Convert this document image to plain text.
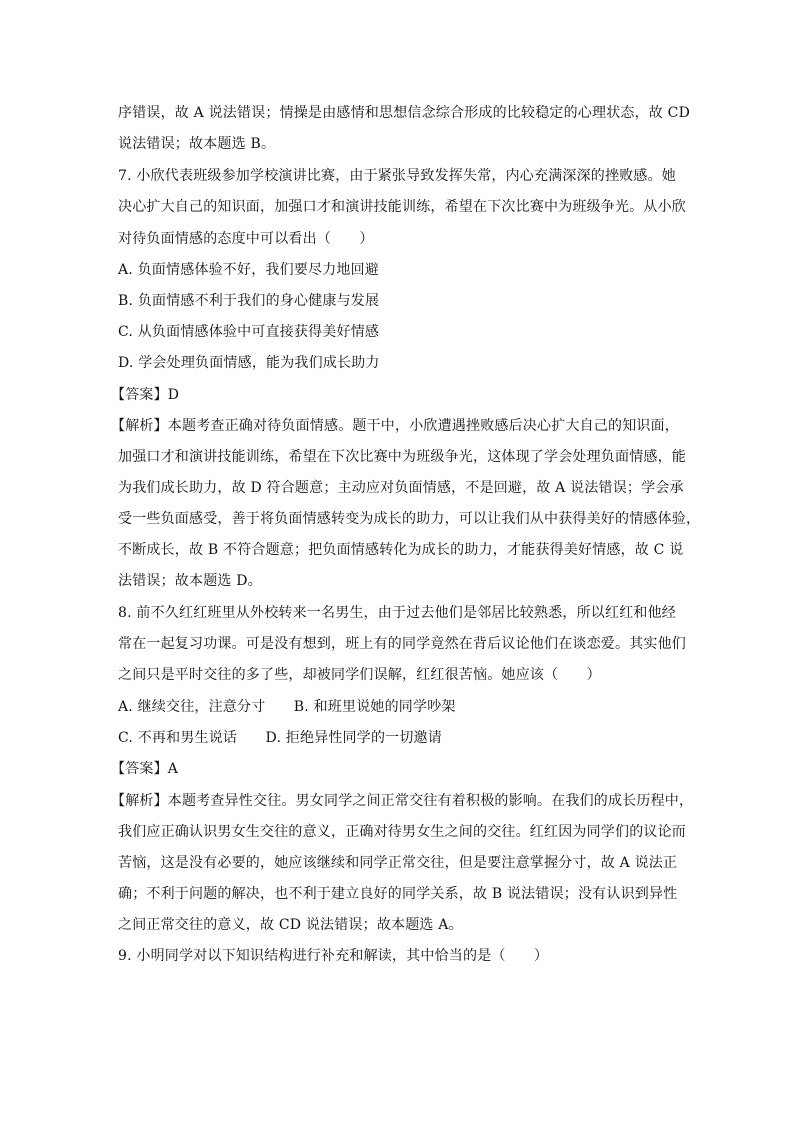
序错误，故 A 说法错误；情操是由感情和思想信念综合形成的比较稳定的心理状态，故 CD
说法错误；故本题选 B。
7. 小欣代表班级参加学校演讲比赛，由于紧张导致发挥失常，内心充满深深的挫败感。她
决心扩大自己的知识面，加强口才和演讲技能训练，希望在下次比赛中为班级争光。从小欣
对待负面情感的态度中可以看出（　　）
A. 负面情感体验不好，我们要尽力地回避
B. 负面情感不利于我们的身心健康与发展
C. 从负面情感体验中可直接获得美好情感
D. 学会处理负面情感，能为我们成长助力
【答案】D
【解析】本题考查正确对待负面情感。题干中，小欣遭遇挫败感后决心扩大自己的知识面，
加强口才和演讲技能训练，希望在下次比赛中为班级争光，这体现了学会处理负面情感，能
为我们成长助力，故 D 符合题意；主动应对负面情感，不是回避，故 A 说法错误；学会承
受一些负面感受，善于将负面情感转变为成长的助力，可以让我们从中获得美好的情感体验，
不断成长，故 B 不符合题意；把负面情感转化为成长的助力，才能获得美好情感，故 C 说
法错误；故本题选 D。
8. 前不久红红班里从外校转来一名男生，由于过去他们是邻居比较熟悉，所以红红和他经
常在一起复习功课。可是没有想到，班上有的同学竟然在背后议论他们在谈恋爱。其实他们
之间只是平时交往的多了些，却被同学们误解，红红很苦恼。她应该（　　）
A. 继续交往，注意分寸　　B. 和班里说她的同学吵架
C. 不再和男生说话　　D. 拒绝异性同学的一切邀请
【答案】A
【解析】本题考查异性交往。男女同学之间正常交往有着积极的影响。在我们的成长历程中，
我们应正确认识男女生交往的意义，正确对待男女生之间的交往。红红因为同学们的议论而
苦恼，这是没有必要的，她应该继续和同学正常交往，但是要注意掌握分寸，故 A 说法正
确；不利于问题的解决，也不利于建立良好的同学关系，故 B 说法错误；没有认识到异性
之间正常交往的意义，故 CD 说法错误；故本题选 A。
9. 小明同学对以下知识结构进行补充和解读，其中恰当的是（　　）
